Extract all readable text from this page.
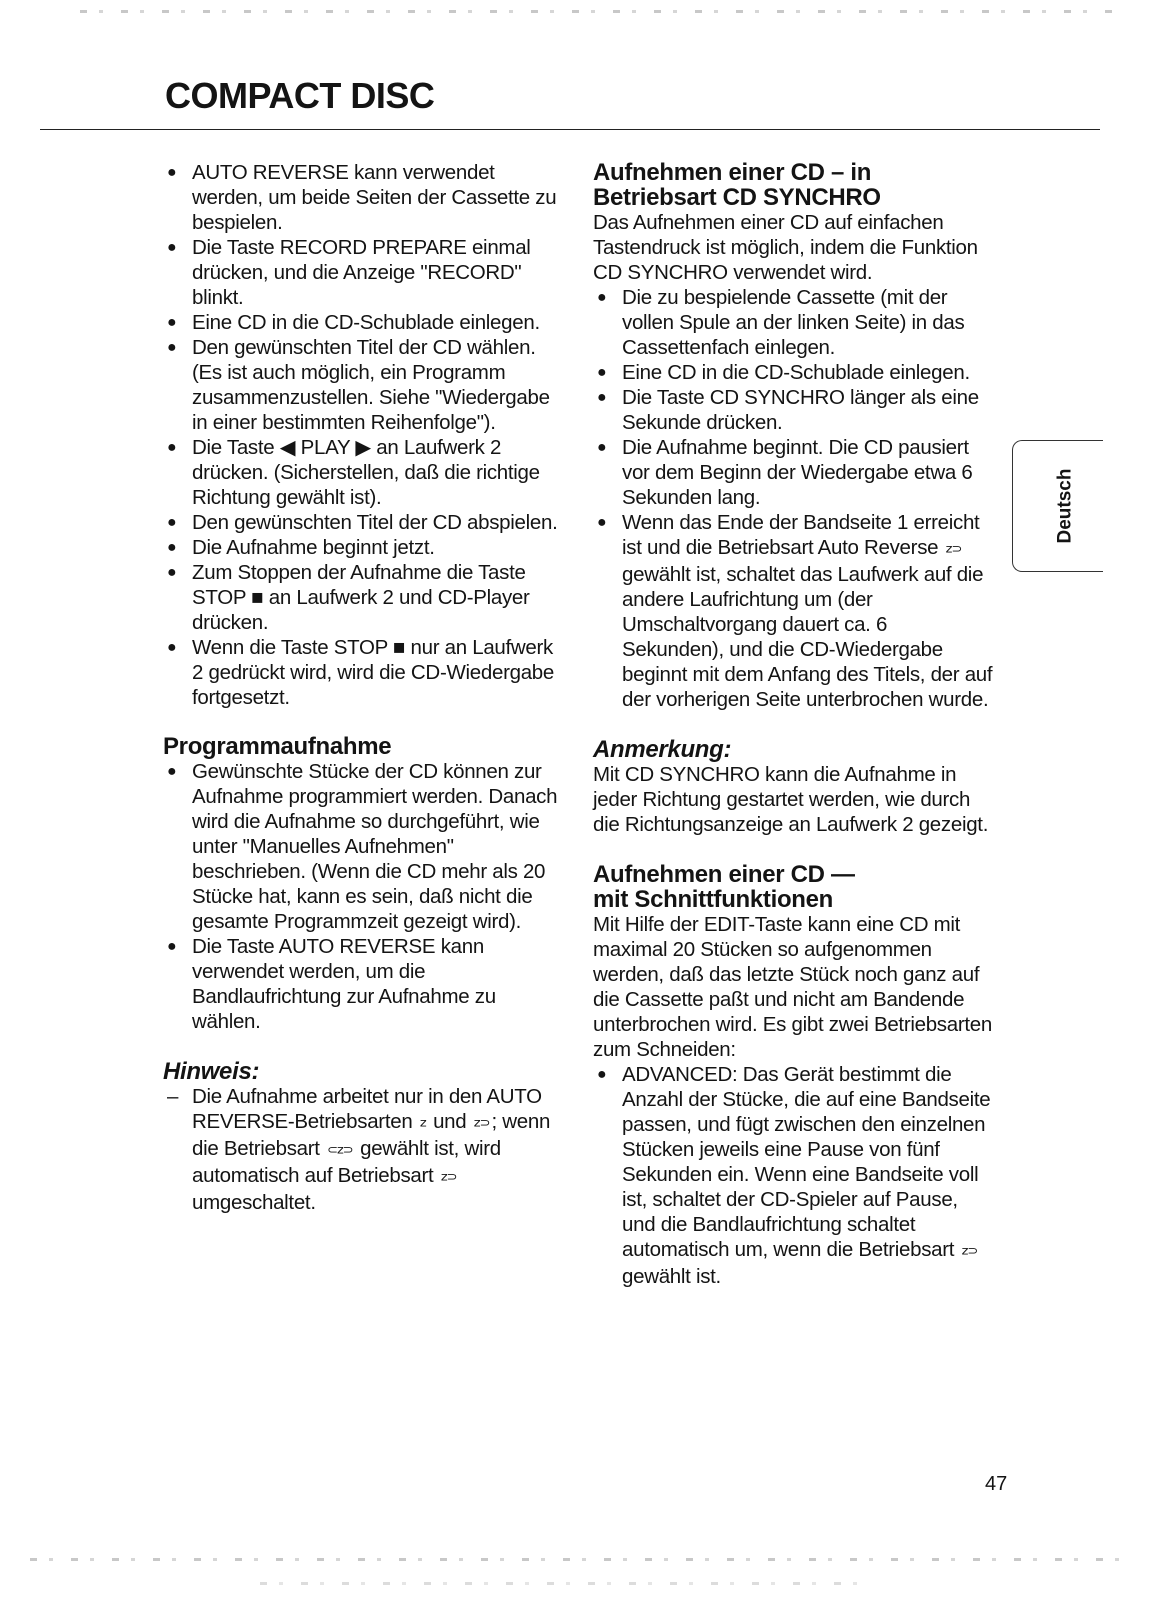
COMPACT DISC
● AUTO REVERSE kann verwendet werden, um beide Seiten der Cassette zu bespielen.
● Die Taste RECORD PREPARE einmal drücken, und die Anzeige "RECORD" blinkt.
● Eine CD in die CD-Schublade einlegen.
● Den gewünschten Titel der CD wählen. (Es ist auch möglich, ein Programm zusammenzustellen. Siehe "Wiedergabe in einer bestimmten Reihenfolge").
● Die Taste ◀ PLAY ▶ an Laufwerk 2 drücken. (Sicherstellen, daß die richtige Richtung gewählt ist).
● Den gewünschten Titel der CD abspielen.
● Die Aufnahme beginnt jetzt.
● Zum Stoppen der Aufnahme die Taste STOP ■ an Laufwerk 2 und CD-Player drücken.
● Wenn die Taste STOP ■ nur an Laufwerk 2 gedrückt wird, wird die CD-Wiedergabe fortgesetzt.
Programmaufnahme
● Gewünschte Stücke der CD können zur Aufnahme programmiert werden. Danach wird die Aufnahme so durchgeführt, wie unter "Manuelles Aufnehmen" beschrieben. (Wenn die CD mehr als 20 Stücke hat, kann es sein, daß nicht die gesamte Programmzeit gezeigt wird).
● Die Taste AUTO REVERSE kann verwendet werden, um die Bandlaufrichtung zur Aufnahme zu wählen.
Hinweis:
– Die Aufnahme arbeitet nur in den AUTO REVERSE-Betriebsarten ᴢ und ᴢ⊃; wenn die Betriebsart ⊂ᴢ⊃ gewählt ist, wird automatisch auf Betriebsart ᴢ⊃ umgeschaltet.
Aufnehmen einer CD – in Betriebsart CD SYNCHRO

Das Aufnehmen einer CD auf einfachen Tastendruck ist möglich, indem die Funktion CD SYNCHRO verwendet wird.

● Die zu bespielende Cassette (mit der vollen Spule an der linken Seite) in das Cassettenfach einlegen.
● Eine CD in die CD-Schublade einlegen.
● Die Taste CD SYNCHRO länger als eine Sekunde drücken.
● Die Aufnahme beginnt. Die CD pausiert vor dem Beginn der Wiedergabe etwa 6 Sekunden lang.
● Wenn das Ende der Bandseite 1 erreicht ist und die Betriebsart Auto Reverse ᴢ⊃ gewählt ist, schaltet das Laufwerk auf die andere Laufrichtung um (der Umschaltvorgang dauert ca. 6 Sekunden), und die CD-Wiedergabe beginnt mit dem Anfang des Titels, der auf der vorherigen Seite unterbrochen wurde.
Anmerkung:

Mit CD SYNCHRO kann die Aufnahme in jeder Richtung gestartet werden, wie durch die Richtungsanzeige an Laufwerk 2 gezeigt.

Aufnehmen einer CD —
mit Schnittfunktionen

Mit Hilfe der EDIT-Taste kann eine CD mit maximal 20 Stücken so aufgenommen werden, daß das letzte Stück noch ganz auf die Cassette paßt und nicht am Bandende unterbrochen wird. Es gibt zwei Betriebsarten zum Schneiden:

● ADVANCED: Das Gerät bestimmt die Anzahl der Stücke, die auf eine Bandseite passen, und fügt zwischen den einzelnen Stücken jeweils eine Pause von fünf Sekunden ein. Wenn eine Bandseite voll ist, schaltet der CD-Spieler auf Pause, und die Bandlaufrichtung schaltet automatisch um, wenn die Betriebsart ᴢ⊃ gewählt ist.
Deutsch
47
